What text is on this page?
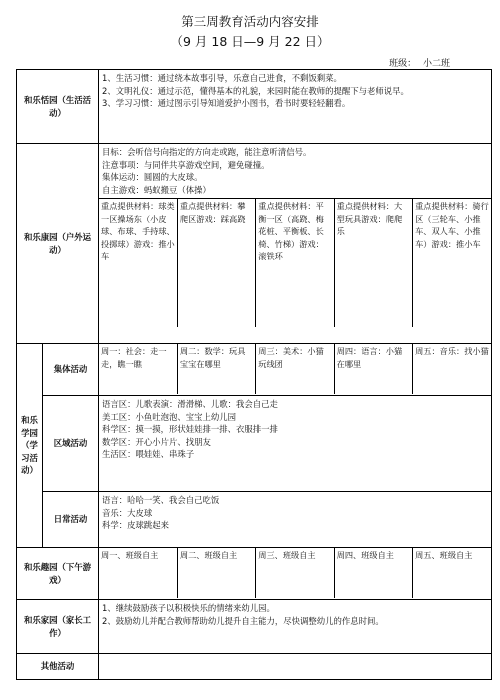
第三周教育活动内容安排
（9 月 18 日—9 月 22 日）
班级： 小二班
和乐恬园（生活活动）	
1、生活习惯：通过绕本故事引导，乐意自己进食，不剩饭剩菜。
2、文明礼仪：通过示范，懂得基本的礼貌，来园时能在教师的提醒下与老师说早。
3、学习习惯：通过图示引导知道爱护小图书，看书时要轻轻翻看。

和乐康园（户外运动）	
目标：会听信号向指定的方向走或跑，能注意听清信号。
注意事项：与同伴共享游戏空间，避免碰撞。
集体运动：圆圆的大皮球。
自主游戏：蚂蚁搬豆（体操）
重点提供材料：球类一区操场东（小皮球、布球、手持球、投掷球）游戏：推小车	重点提供材料：攀爬区游戏：踩高跷	重点提供材料：平衡一区（高跷、梅花桩、平衡板、长椅、竹梯）游戏：滚铁环	重点提供材料：大型玩具游戏：爬爬乐	重点提供材料：骑行区（三轮车、小推车、双人车、小推车）游戏：推小车

和乐学园（学习活动）	集体活动	
周一：社会：走一走，瞧一瞧	周二：数学：玩具宝宝在哪里	周三：美术：小猫玩线团	周四：语言：小猫在哪里	周五：音乐：找小猫

区域活动	
语言区：儿歌表演：滑滑梯、儿歌：我会自己走
美工区：小鱼吐泡泡、宝宝上幼儿园
科学区：摸一摸，形状娃娃排一排、衣服排一排
数学区：开心小片片、找朋友
生活区：喂娃娃、串珠子

日常活动	
语言：哈哈一笑、我会自己吃饭
音乐：大皮球
科学：皮球跳起来

和乐趣园（下午游戏）	
周一、班级自主	周二、班级自主	周三、班级自主	周四、班级自主	周五、班级自主

和乐家园（家长工作）	
1、继续鼓励孩子以积极快乐的情绪来幼儿园。
2、鼓励幼儿并配合教师帮助幼儿提升自主能力，尽快调整幼儿的作息时间。

其他活动	
